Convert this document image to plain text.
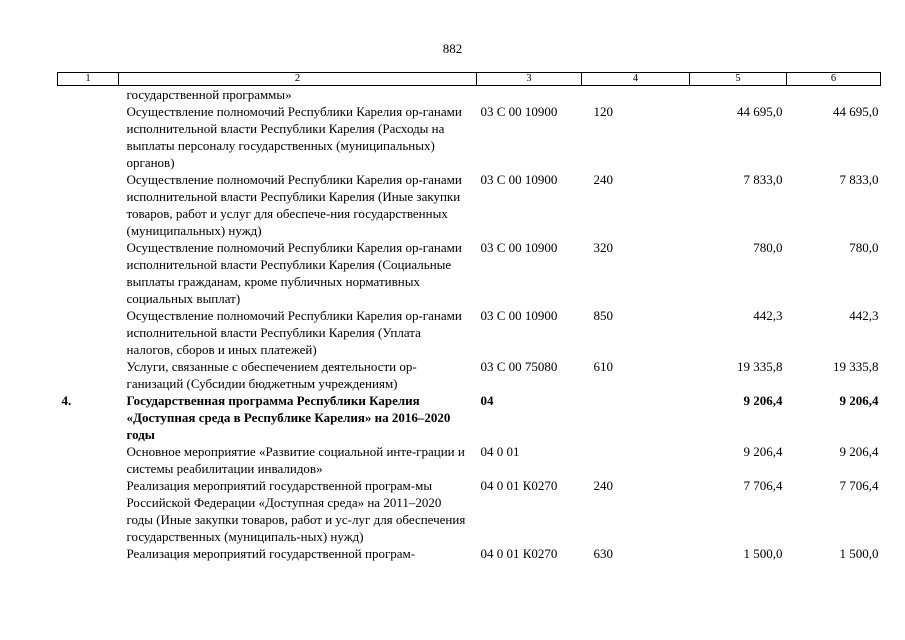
882
1	2	3	4	5	6
	государственной программы»				
	Осуществление полномочий Республики Карелия ор-ганами исполнительной власти Республики Карелия (Расходы на выплаты персоналу государственных (муниципальных) органов)	03 С 00 10900	120	44 695,0	44 695,0
	Осуществление полномочий Республики Карелия ор-ганами исполнительной власти Республики Карелия (Иные закупки товаров, работ и услуг для обеспече-ния государственных (муниципальных) нужд)	03 С 00 10900	240	7 833,0	7 833,0
	Осуществление полномочий Республики Карелия ор-ганами исполнительной власти Республики Карелия (Социальные выплаты гражданам, кроме публичных нормативных социальных выплат)	03 С 00 10900	320	780,0	780,0
	Осуществление полномочий Республики Карелия ор-ганами исполнительной власти Республики Карелия (Уплата налогов, сборов и иных платежей)	03 С 00 10900	850	442,3	442,3
	Услуги, связанные с обеспечением деятельности ор-ганизаций (Субсидии бюджетным учреждениям)	03 С 00 75080	610	19 335,8	19 335,8
4.	Государственная программа Республики Карелия «Доступная среда в Республике Карелия» на 2016–2020 годы	04		9 206,4	9 206,4
	Основное мероприятие «Развитие социальной инте-грации и системы реабилитации инвалидов»	04 0 01		9 206,4	9 206,4
	Реализация мероприятий государственной програм-мы Российской Федерации «Доступная среда» на 2011–2020 годы (Иные закупки товаров, работ и ус-луг для обеспечения государственных (муниципаль-ных) нужд)	04 0 01 К0270	240	7 706,4	7 706,4
	Реализация мероприятий государственной програм-	04 0 01 К0270	630	1 500,0	1 500,0
